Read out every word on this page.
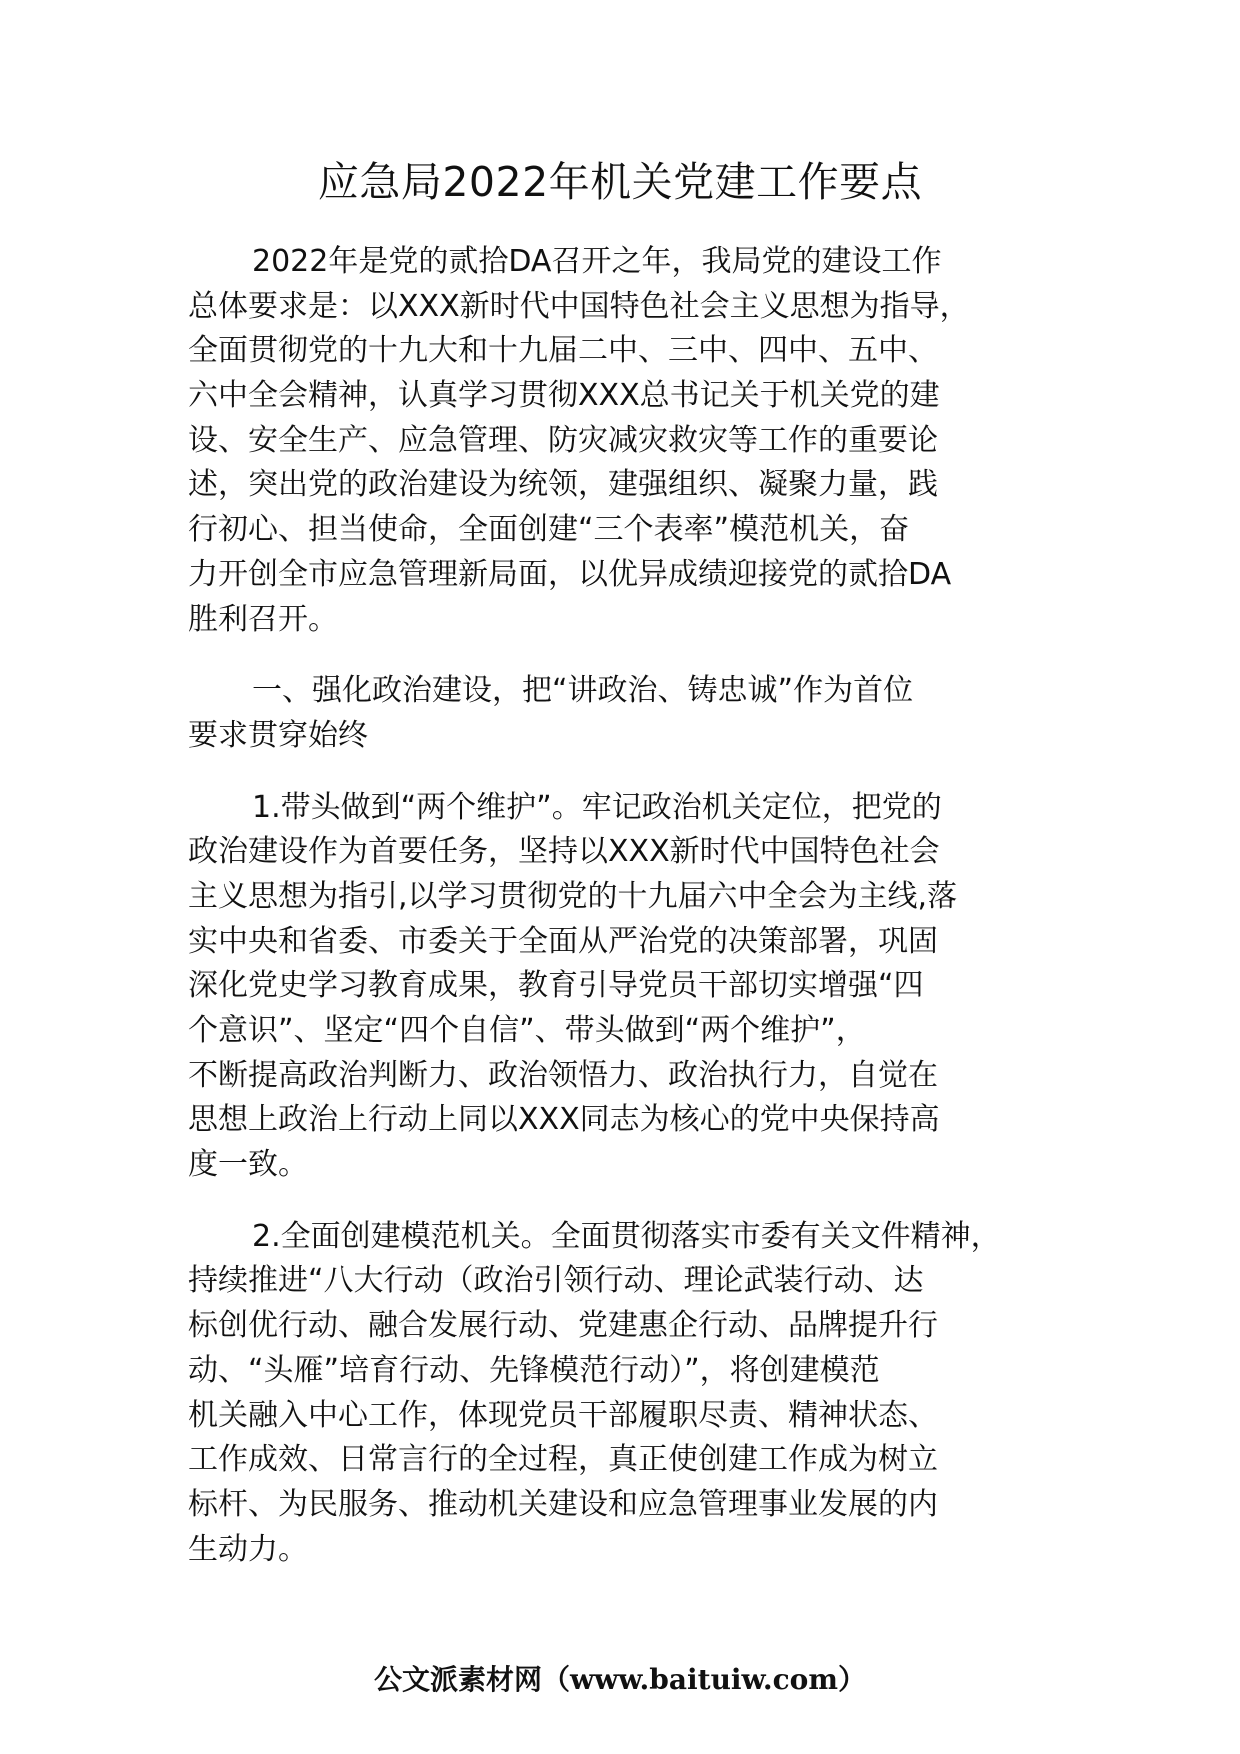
应急局2022年机关党建工作要点

2022年是党的贰拾DA召开之年，我局党的建设工作
总体要求是：以XXX新时代中国特色社会主义思想为指导，
全面贯彻党的十九大和十九届二中、三中、四中、五中、
六中全会精神，认真学习贯彻XXX总书记关于机关党的建
设、安全生产、应急管理、防灾减灾救灾等工作的重要论
述，突出党的政治建设为统领，建强组织、凝聚力量，践
行初心、担当使命，全面创建“三个表率”模范机关，奋
力开创全市应急管理新局面，以优异成绩迎接党的贰拾DA
胜利召开。

一、强化政治建设，把“讲政治、铸忠诚”作为首位
要求贯穿始终

1.带头做到“两个维护”。牢记政治机关定位，把党的
政治建设作为首要任务，坚持以XXX新时代中国特色社会
主义思想为指引,以学习贯彻党的十九届六中全会为主线,落
实中央和省委、市委关于全面从严治党的决策部署，巩固
深化党史学习教育成果，教育引导党员干部切实增强“四
个意识”、坚定“四个自信”、带头做到“两个维护”，
不断提高政治判断力、政治领悟力、政治执行力，自觉在
思想上政治上行动上同以XXX同志为核心的党中央保持高
度一致。

2.全面创建模范机关。全面贯彻落实市委有关文件精神，
持续推进“八大行动（政治引领行动、理论武装行动、达
标创优行动、融合发展行动、党建惠企行动、品牌提升行
动、“头雁”培育行动、先锋模范行动）”，将创建模范
机关融入中心工作，体现党员干部履职尽责、精神状态、
工作成效、日常言行的全过程，真正使创建工作成为树立
标杆、为民服务、推动机关建设和应急管理事业发展的内
生动力。

公文派素材网（www.baituiw.com）
